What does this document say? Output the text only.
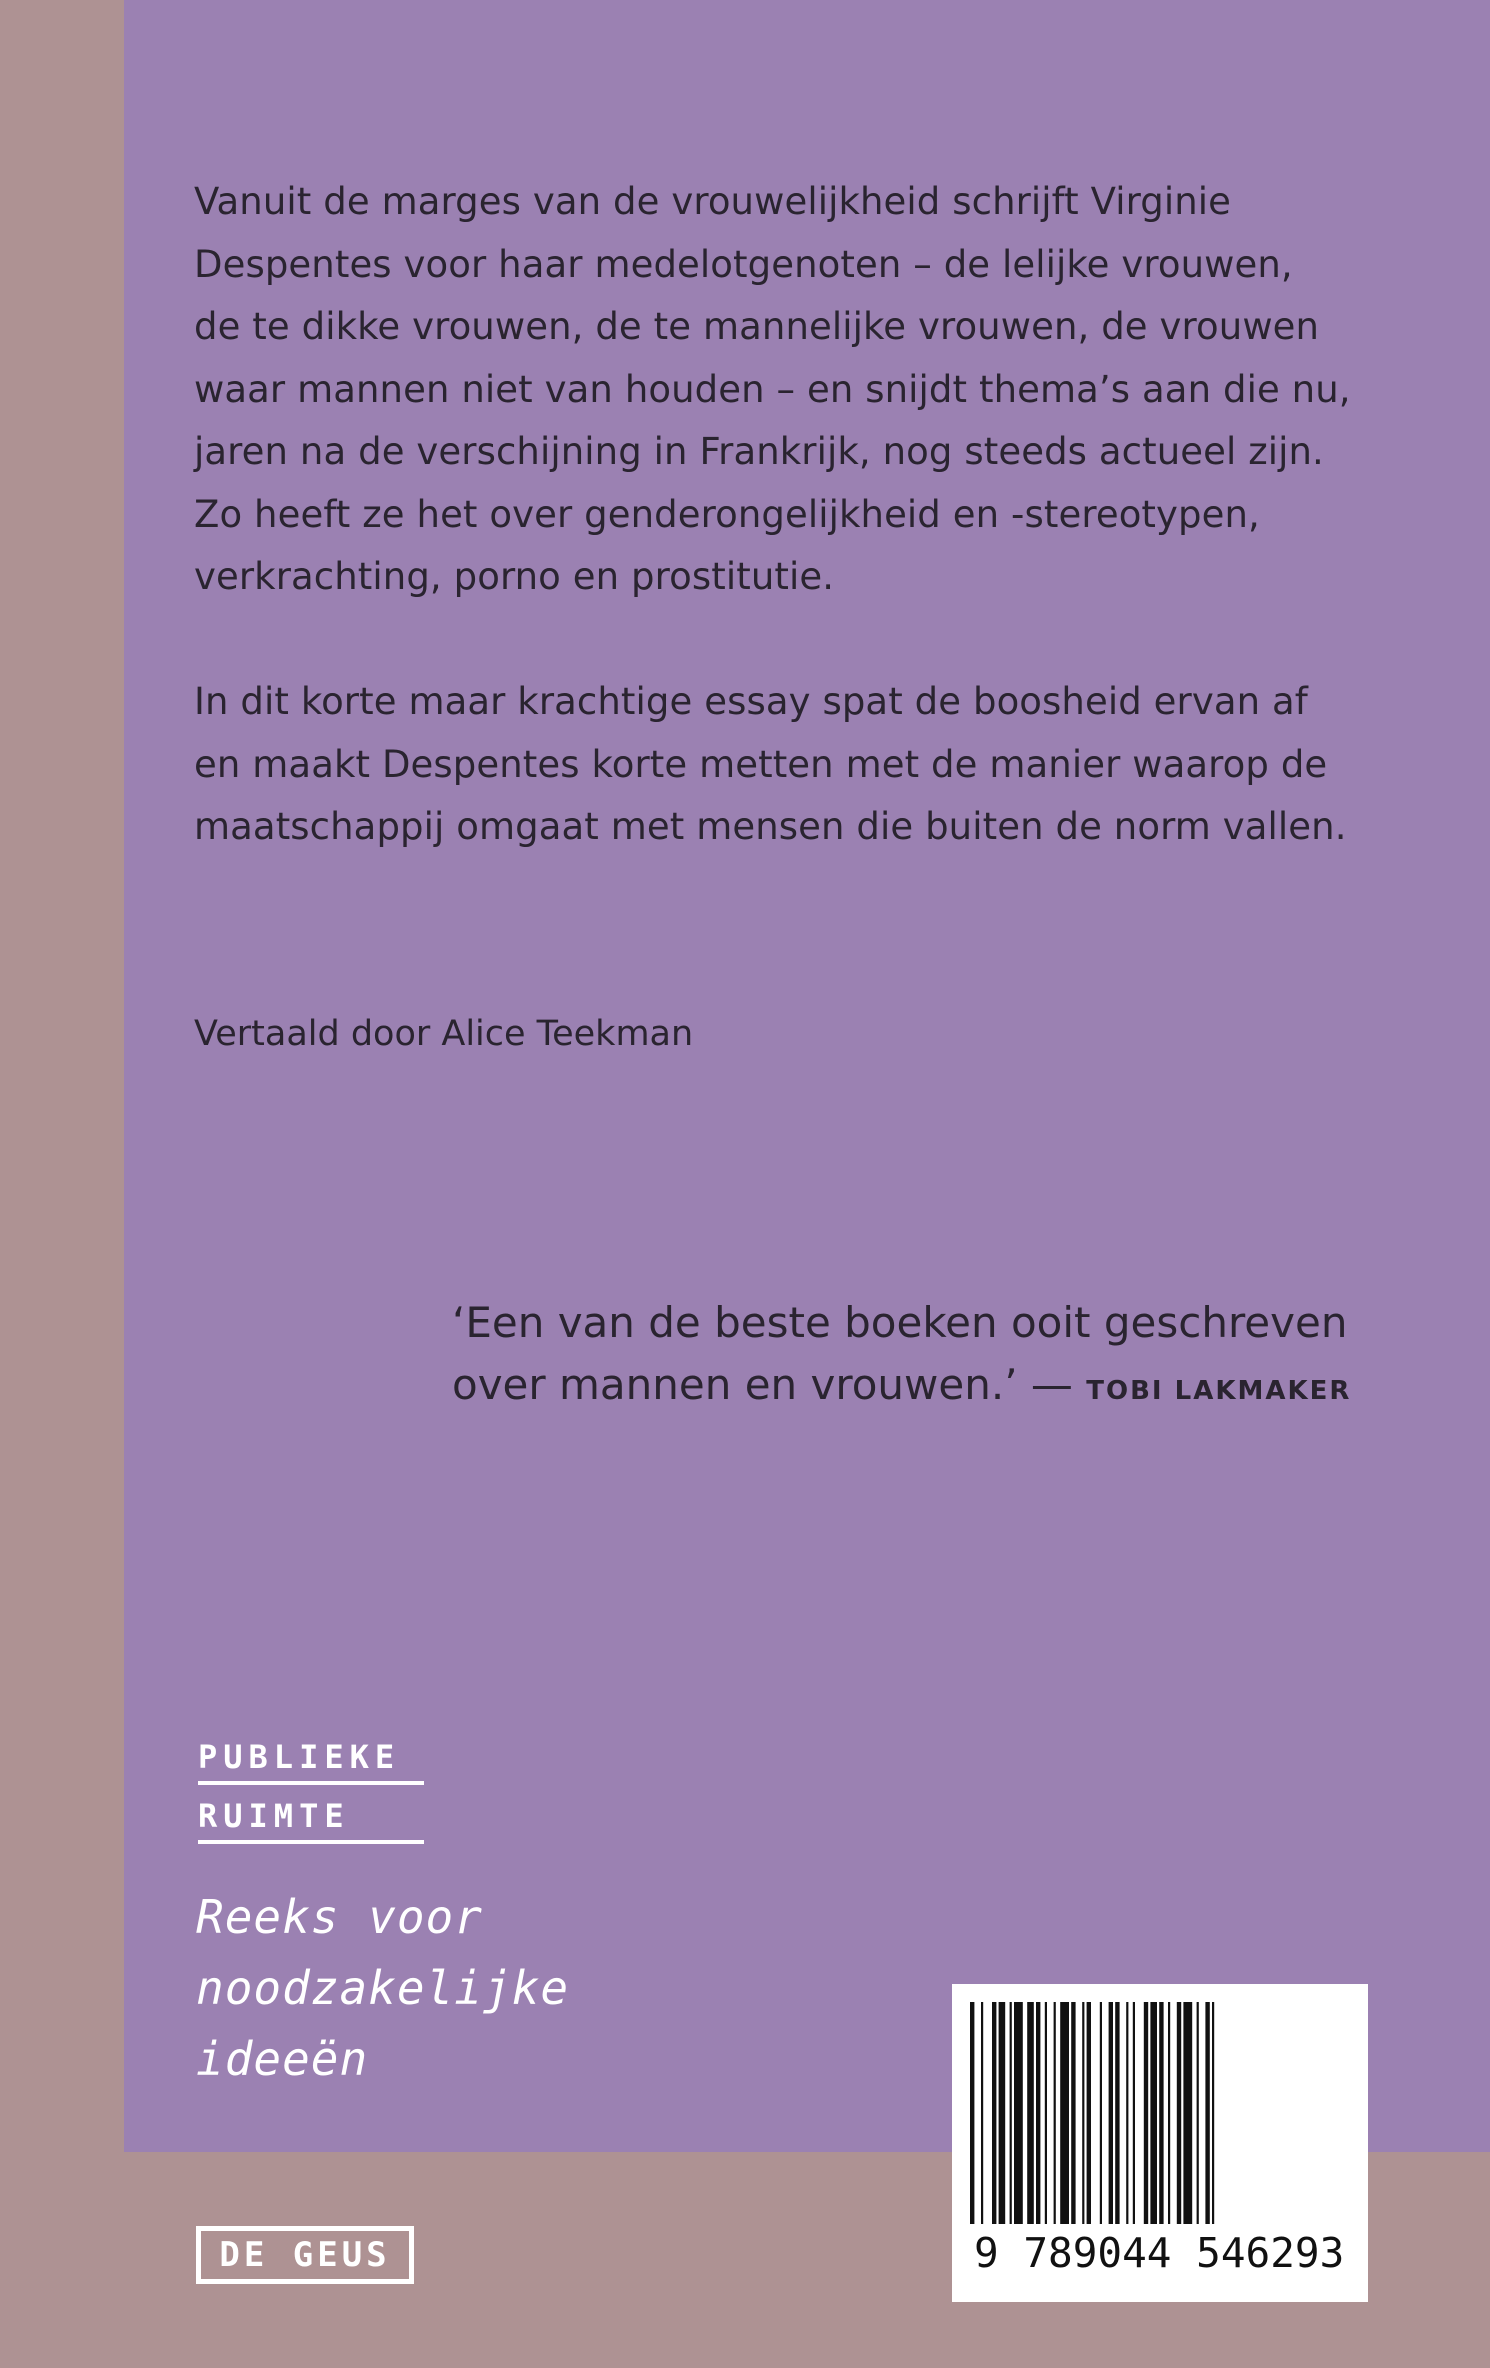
Vanuit de marges van de vrouwelijkheid schrijft Virginie
Despentes voor haar medelotgenoten – de lelijke vrouwen,
de te dikke vrouwen, de te mannelijke vrouwen, de vrouwen
waar mannen niet van houden – en snijdt thema’s aan die nu,
jaren na de verschijning in Frankrijk, nog steeds actueel zijn.
Zo heeft ze het over genderongelijkheid en -stereotypen,
verkrachting, porno en prostitutie.
In dit korte maar krachtige essay spat de boosheid ervan af
en maakt Despentes korte metten met de manier waarop de
maatschappij omgaat met mensen die buiten de norm vallen.

Vertaald door Alice Teekman

‘Een van de beste boeken ooit geschreven
over mannen en vrouwen.’ — TOBI LAKMAKER
PUBLIEKE
RUIMTE
Reeks voor
noodzakelijke
ideeën
9 789044 546293
DE GEUS
